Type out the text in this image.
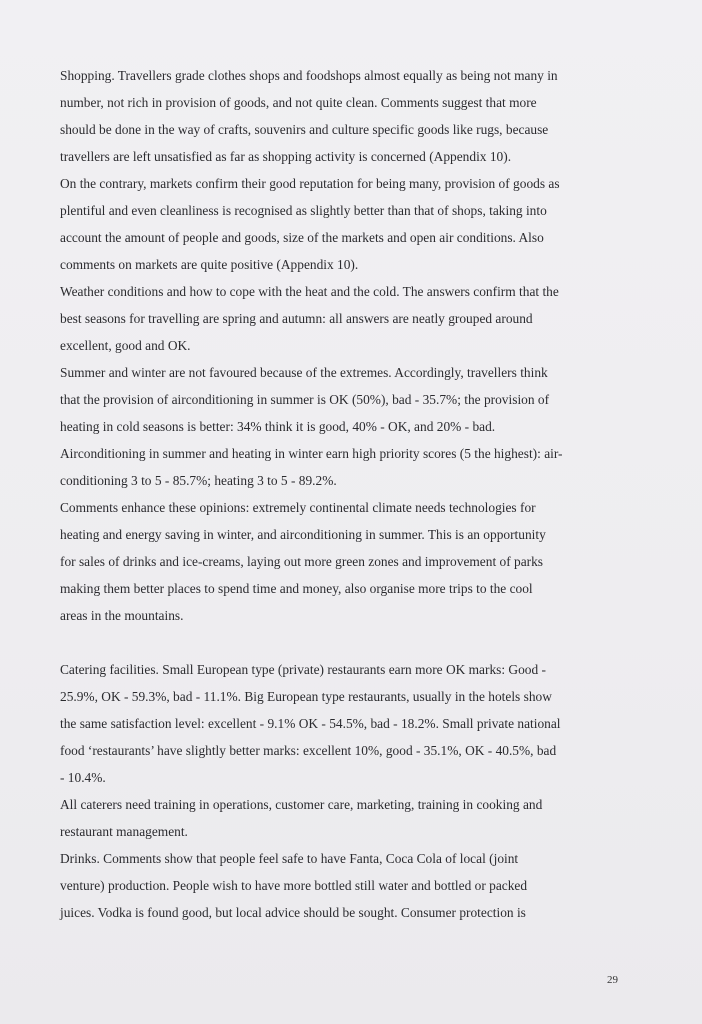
Shopping. Travellers grade clothes shops and foodshops almost equally as being not many in
number, not rich in provision of goods, and not quite clean. Comments suggest that more
should be done in the way of crafts, souvenirs and culture specific goods like rugs, because
travellers are left unsatisfied as far as shopping activity is concerned (Appendix 10).
On the contrary, markets confirm their good reputation for being many, provision of goods as
plentiful and even cleanliness is recognised as slightly better than that of shops, taking into
account the amount of people and goods, size of the markets and open air conditions. Also
comments on markets are quite positive (Appendix 10).
Weather conditions and how to cope with the heat and the cold. The answers confirm that the
best seasons for travelling are spring and autumn: all answers are neatly grouped around
excellent, good and OK.
Summer and winter are not favoured because of the extremes. Accordingly, travellers think
that the provision of airconditioning in summer is OK (50%), bad - 35.7%; the provision of
heating in cold seasons is better: 34% think it is good, 40% - OK, and 20% - bad.
Airconditioning in summer and heating in winter earn high priority scores (5 the highest): air-
conditioning 3 to 5 - 85.7%; heating 3 to 5 - 89.2%.
Comments enhance these opinions: extremely continental climate needs technologies for
heating and energy saving in winter, and airconditioning in summer. This is an opportunity
for sales of drinks and ice-creams, laying out more green zones and improvement of parks
making them better places to spend time and money, also organise more trips to the cool
areas in the mountains.
Catering facilities. Small European type (private) restaurants earn more OK marks: Good -
25.9%, OK - 59.3%, bad - 11.1%. Big European type restaurants, usually in the hotels show
the same satisfaction level: excellent - 9.1% OK - 54.5%, bad - 18.2%. Small private national
food ‘restaurants’ have slightly better marks: excellent 10%, good - 35.1%, OK - 40.5%, bad
- 10.4%.
All caterers need training in operations, customer care, marketing, training in cooking and
restaurant management.
Drinks. Comments show that people feel safe to have Fanta, Coca Cola of local (joint
venture) production. People wish to have more bottled still water and bottled or packed
juices. Vodka is found good, but local advice should be sought. Consumer protection is
29
